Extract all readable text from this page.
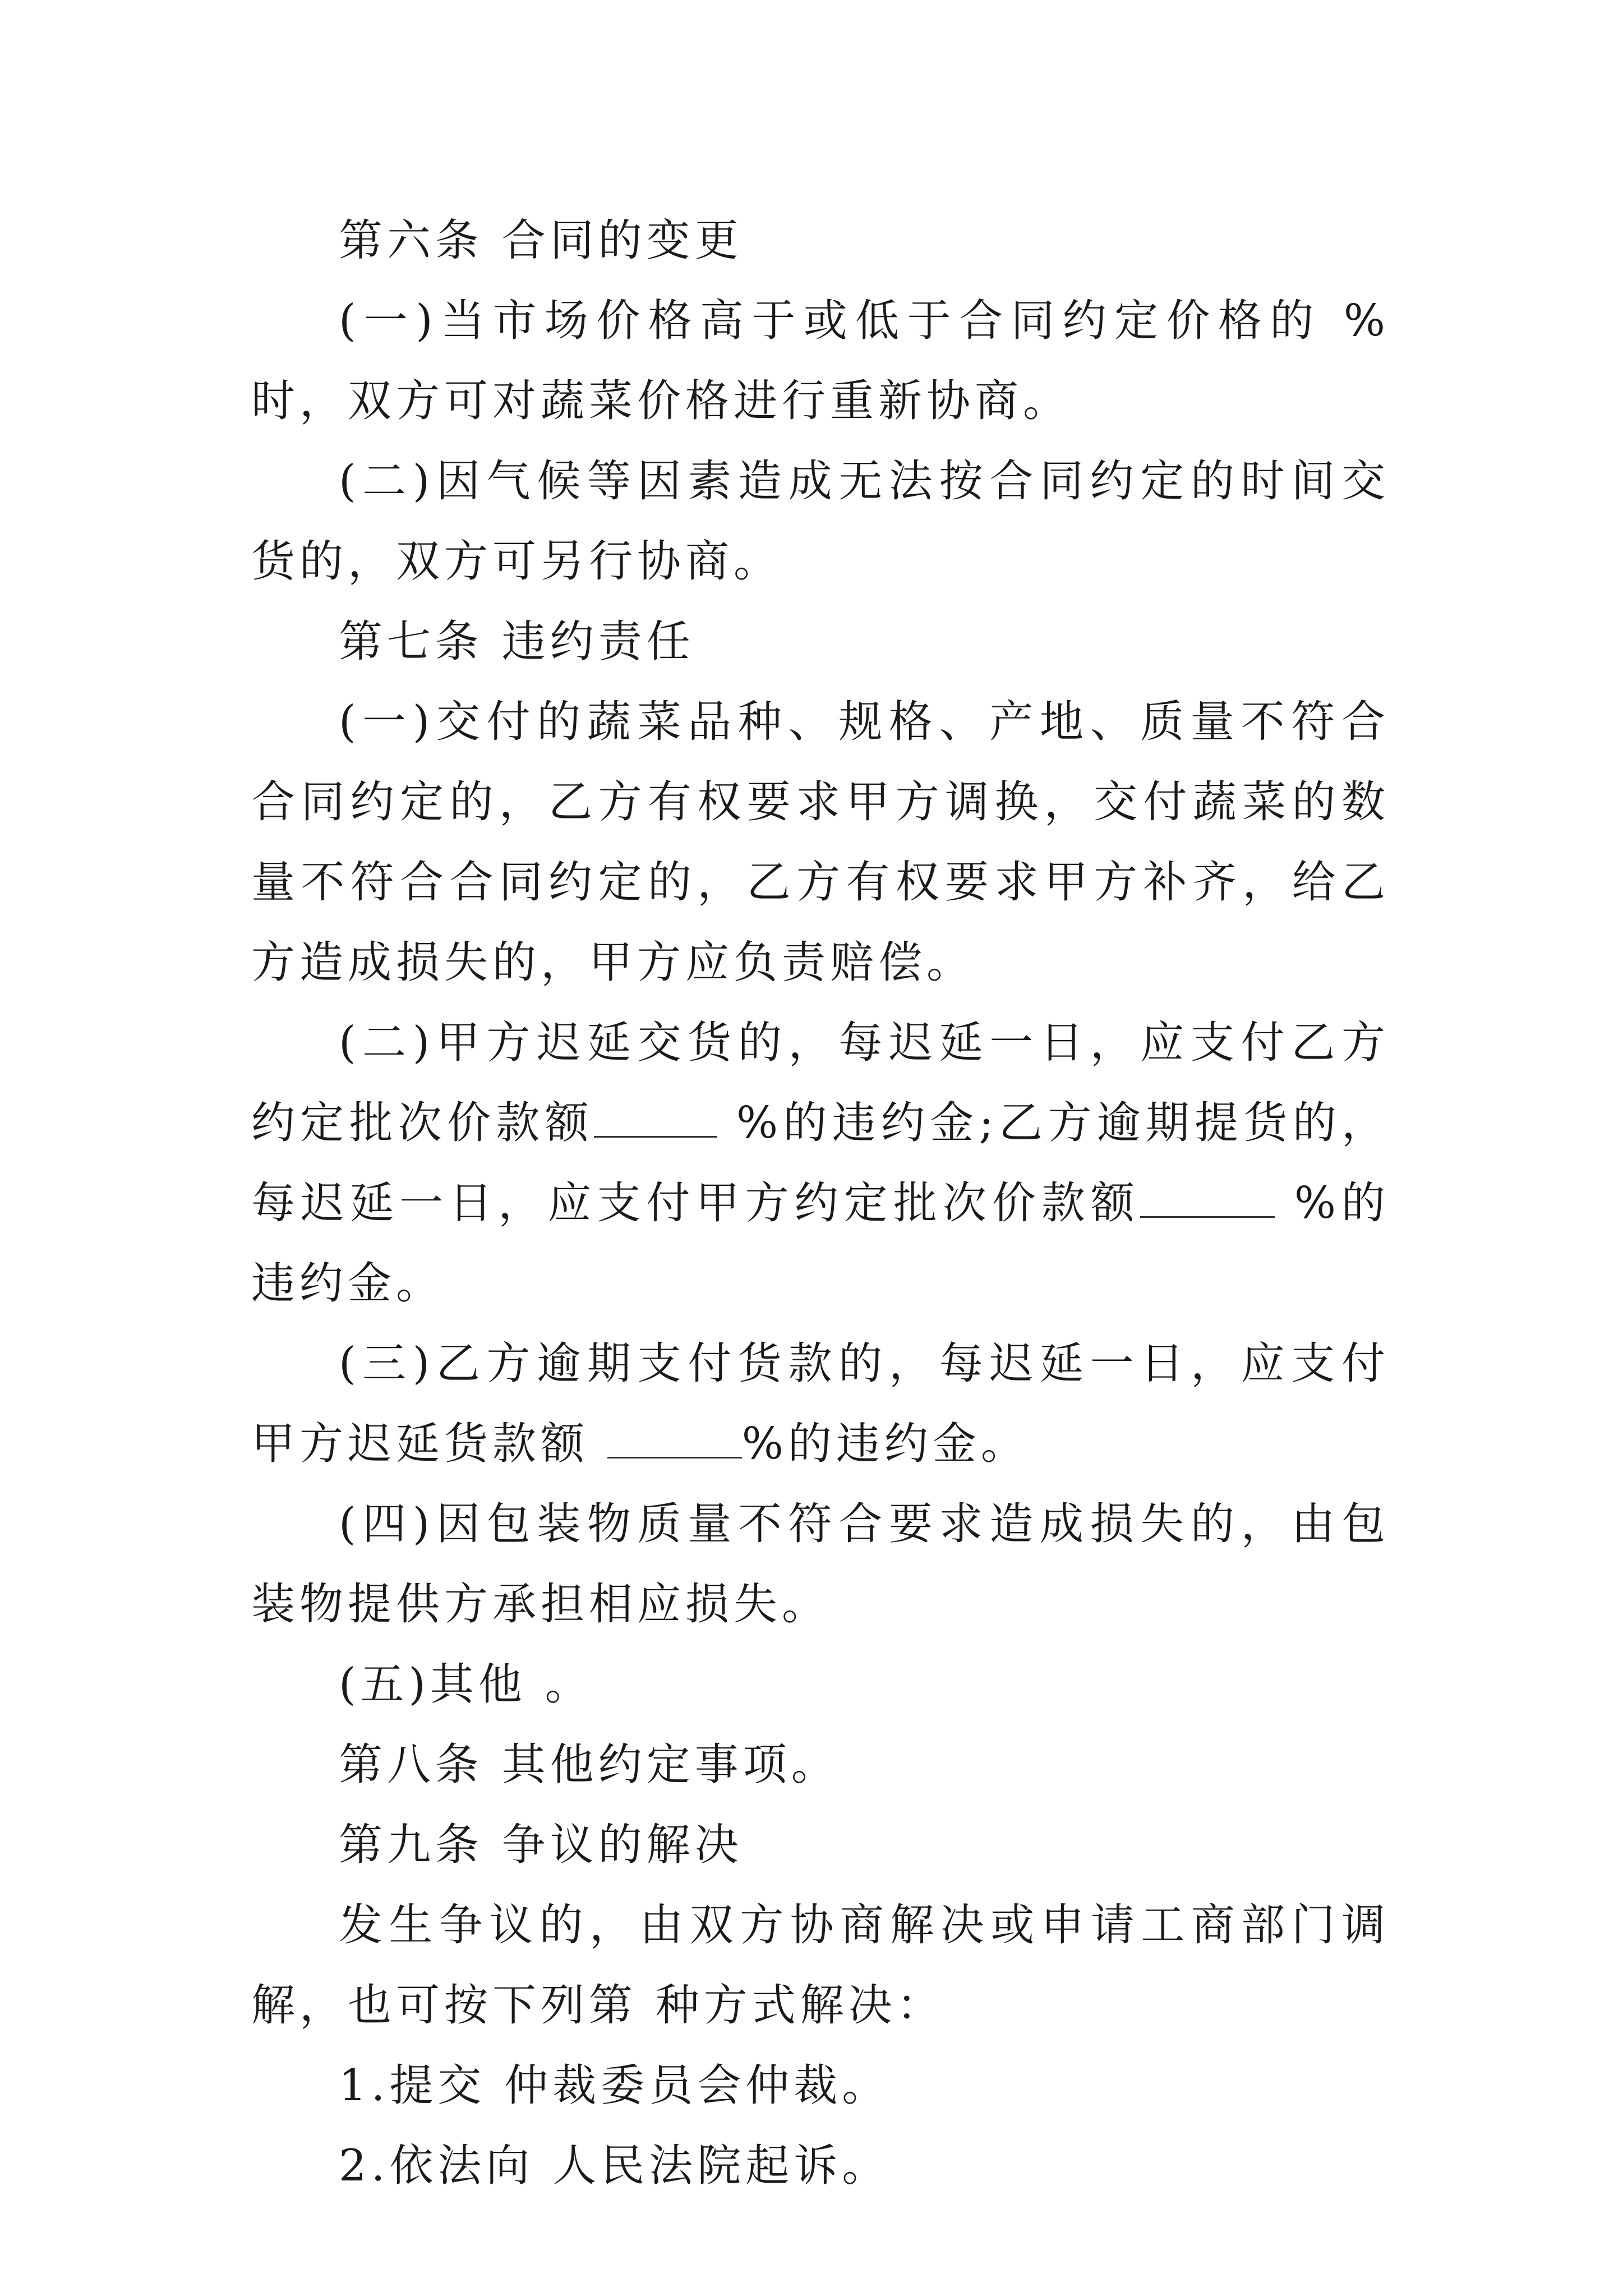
第六条 合同的变更

(一)当市场价格高于或低于合同约定价格的 %时，双方可对蔬菜价格进行重新协商。

(二)因气候等因素造成无法按合同约定的时间交货的，双方可另行协商。

第七条 违约责任

(一)交付的蔬菜品种、规格、产地、质量不符合合同约定的，乙方有权要求甲方调换，交付蔬菜的数量不符合合同约定的，乙方有权要求甲方补齐，给乙方造成损失的，甲方应负责赔偿。

(二)甲方迟延交货的，每迟延一日，应支付乙方约定批次价款额	%的违约金;乙方逾期提货的，每迟延一日，应支付甲方约定批次价款额	%的违约金。

(三)乙方逾期支付货款的，每迟延一日，应支付甲方迟延货款额	%的违约金。

(四)因包装物质量不符合要求造成损失的，由包装物提供方承担相应损失。

(五)其他 。

第八条 其他约定事项。

第九条 争议的解决

发生争议的，由双方协商解决或申请工商部门调解，也可按下列第 种方式解决：

1.提交 仲裁委员会仲裁。

2.依法向 人民法院起诉。
